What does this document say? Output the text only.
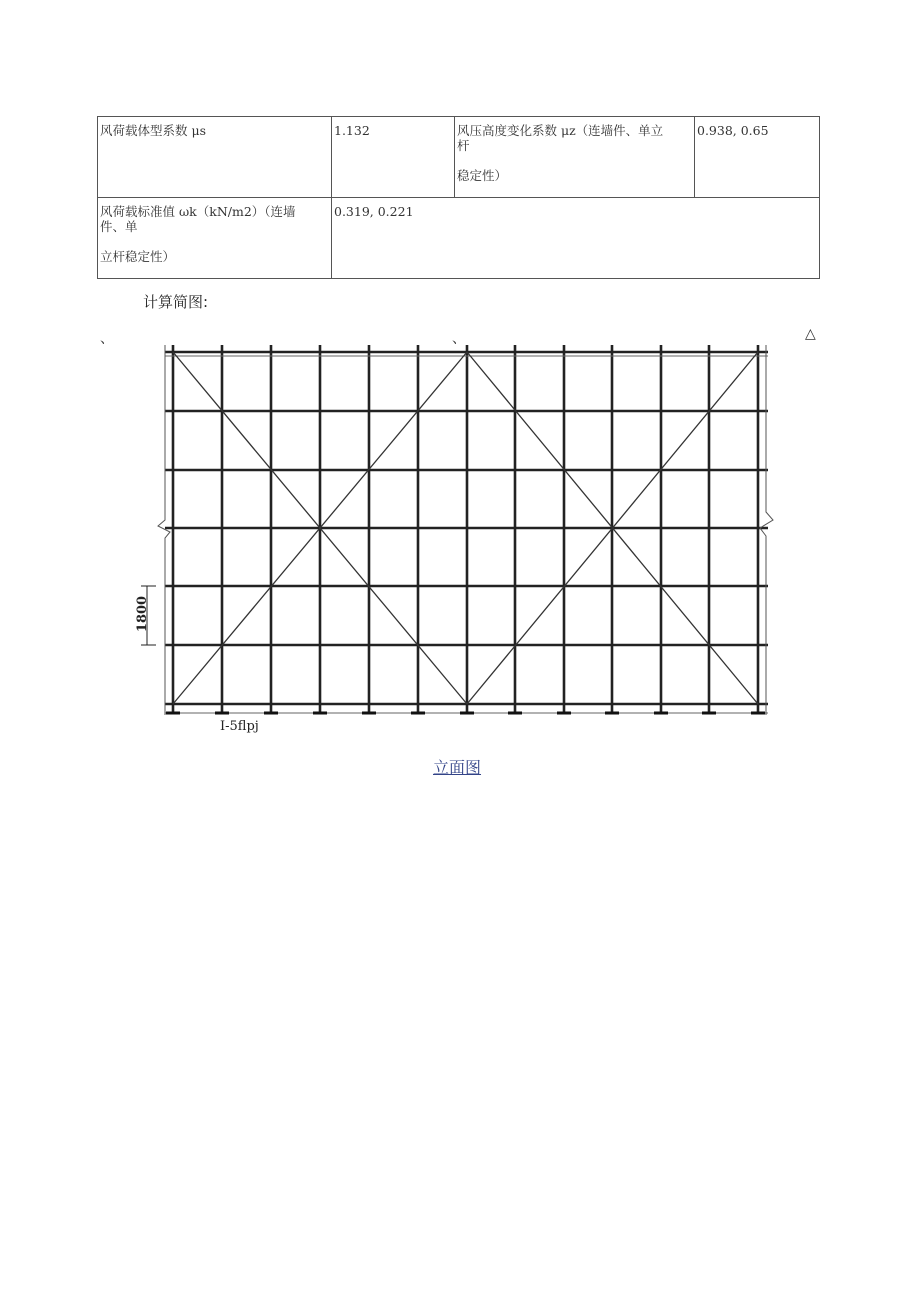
风荷载体型系数 μs	1.132	风压高度变化系数 μz（连墙件、单立
杆

稳定性）	0.938, 0.65
风荷载标准值 ωk（kN/m2）（连墙
件、单

立杆稳定性）	0.319, 0.221		
计算简图:
、	、	△
1800
I-5flpj
立面图
